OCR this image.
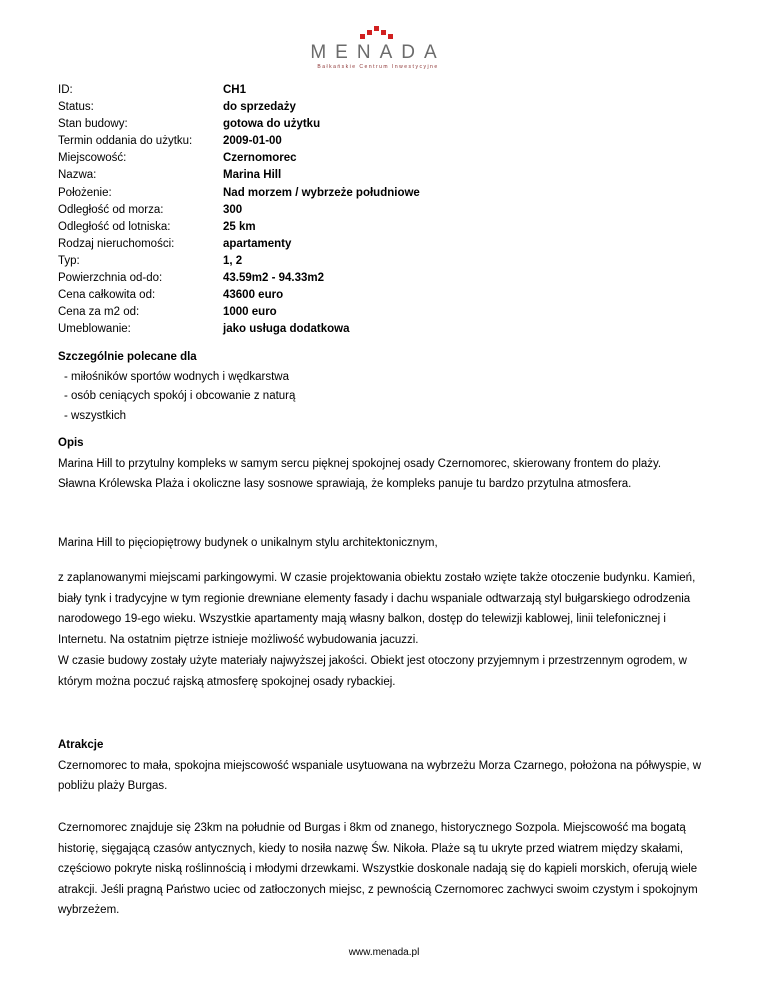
MENADA
Bałkańskie Centrum Inwestycyjne
ID:	CH1
Status:	do sprzedaży
Stan budowy:	gotowa do użytku
Termin oddania do użytku:	2009-01-00
Miejscowość:	Czernomorec
Nazwa:	Marina Hill
Położenie:	Nad morzem / wybrzeże południowe
Odległość od morza:	300
Odległość od lotniska:	25 km
Rodzaj nieruchomości:	apartamenty
Typ:	1, 2
Powierzchnia od-do:	43.59m2 - 94.33m2
Cena całkowita od:	43600 euro
Cena za m2 od:	1000 euro
Umeblowanie:	jako usługa dodatkowa
Szczególnie polecane dla
- miłośników sportów wodnych i wędkarstwa
- osób ceniących spokój i obcowanie z naturą
- wszystkich
Opis
Marina Hill to przytulny kompleks w samym sercu pięknej spokojnej osady Czernomorec, skierowany frontem do plaży.
Sławna Królewska Plaża i okoliczne lasy sosnowe sprawiają, że kompleks panuje tu bardzo przytulna atmosfera.
Marina Hill to pięciopiętrowy budynek o unikalnym stylu architektonicznym,
z zaplanowanymi miejscami parkingowymi. W czasie projektowania obiektu zostało wzięte także otoczenie budynku. Kamień,
biały tynk i tradycyjne w tym regionie drewniane elementy fasady i dachu wspaniale odtwarzają styl bułgarskiego odrodzenia
narodowego 19-ego wieku. Wszystkie apartamenty mają własny balkon, dostęp do telewizji kablowej, linii telefonicznej i
Internetu. Na ostatnim piętrze istnieje możliwość wybudowania jacuzzi.
W czasie budowy zostały użyte materiały najwyższej jakości. Obiekt jest otoczony przyjemnym i przestrzennym ogrodem, w
którym można poczuć rajską atmosferę spokojnej osady rybackiej.
Atrakcje
Czernomorec to mała, spokojna miejscowość wspaniale usytuowana na wybrzeżu Morza Czarnego, położona na półwyspie, w
pobliżu plaży Burgas.
Czernomorec znajduje się 23km na południe od Burgas i 8km od znanego, historycznego Sozpola. Miejscowość ma bogatą
historię, sięgającą czasów antycznych, kiedy to nosiła nazwę Św. Nikoła. Plaże są tu ukryte przed wiatrem między skałami,
częściowo pokryte niską roślinnością i młodymi drzewkami. Wszystkie doskonale nadają się do kąpieli morskich, oferują wiele
atrakcji. Jeśli pragną Państwo uciec od zatłoczonych miejsc, z pewnością Czernomorec zachwyci swoim czystym i spokojnym
wybrzeżem.
www.menada.pl
